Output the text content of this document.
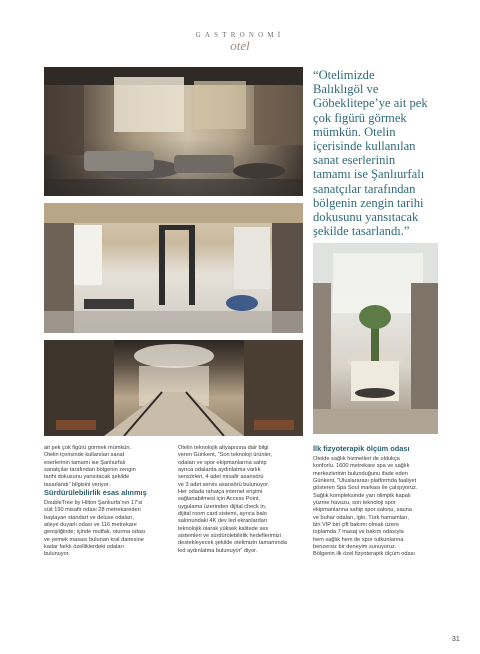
GASTRONOMİ
otel
“Otelimizde
Balıklıgöl ve
Göbeklitepe’ye ait pek
çok figürü görmek
mümkün. Otelin
içerisinde kullanılan
sanat eserlerinin
tamamı ise Şanlıurfalı
sanatçılar tarafından
bölgenin zengin tarihi
dokusunu yansıtacak
şekilde tasarlandı.”
ait pek çok figürü görmek mümkün.
Otelin içerisinde kullanılan sanat
eserlerinin tamamı ise Şanlıurfalı
sanatçılar tarafından bölgenin zengin
tarihi dokusunu yansıtacak şekilde
tasarlandı” bilgisini veriyor.
Sürdürülebilirlik esas alınmış
DoubleTree by Hilton Şanlıurfa’nın 17’si
süit 190 misafir odası 28 metrekareden
başlayan standart ve deluxe odaları,
aileye duyarlı odası ve 116 metrekare
genişliğinde; içinde mutfak, oturma odası
ve yemek masası bulunan kral dairesine
kadar farklı özelliklerdeki odaları
bulunuyor.
Otelin teknolojik altyapısına dair bilgi
veren Günkent, “Son teknoloji ürünler,
odaları ve spor ekipmanlarına sahip
ayrıca odalarda aydınlatma varlık
sensörleri, 4 adet misafir asansörü
ve 3 adet servis asansörü bulunuyor.
Her odada rahatça internet erişimi
sağlanabilmesi için Access Point,
uygulama üzerinden dijital check in,
dijital room card sistemi, ayrıca balo
salonundaki 4K dev led ekranlardan
teknolojik olarak yüksek kalitede ses
sistemleri ve sürdürülebilirlik hedeflerimizi
destekleyecek şekilde otelimizin tamamında
led aydınlatma bulunuyor” diyor.
İlk fizyoterapik ölçüm odası
Otelde sağlık hizmetleri de oldukça
konforlu. 1600 metrekare spa ve sağlık
merkezlerinin bulunduğunu ifade eden
Günkent, “Uluslararası platformda faaliyet
gösteren Spa Soul markası ile çalışıyoruz.
Sağlık kompleksinde yarı olimpik kapalı
yüzme havuzu, son teknoloji spor
ekipmanlarına sahip spor salonu, sauna
ve buhar odaları, iglo, Türk hamamları,
biri VIP biri çift bakımı olmak üzere
toplamda 7 masaj ve bakım odasıyla
hem sağlık hem de spor tutkunlarına
benzersiz bir deneyim sunuyoruz.
Bölgenin ilk özel fizyoterapik ölçüm odası
31
